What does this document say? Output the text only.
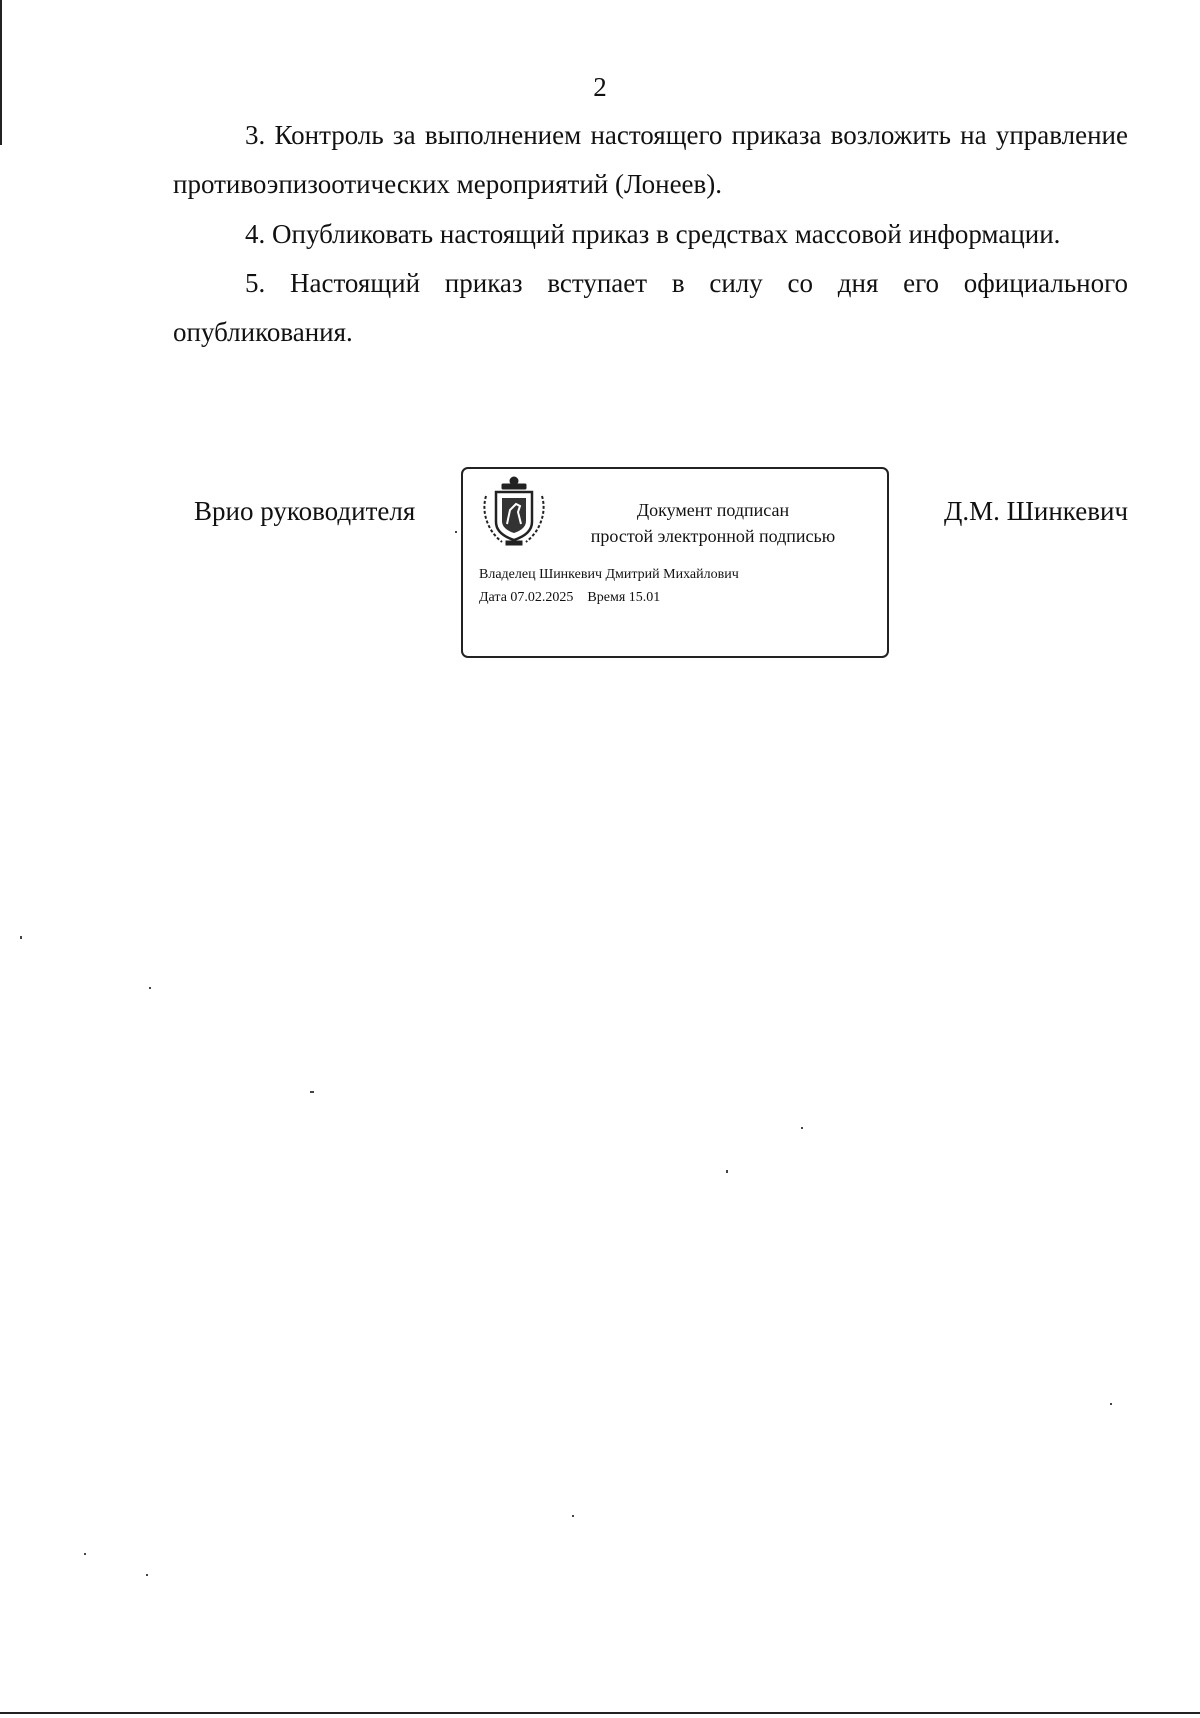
2

3. Контроль за выполнением настоящего приказа возложить на управление противоэпизоотических мероприятий (Лонеев).

4. Опубликовать настоящий приказ в средствах массовой информации.

5. Настоящий приказ вступает в силу со дня его официального опубликования.

Врио руководителя	Документ подписан
простой электронной подписью
Владелец Шинкевич Дмитрий Михайлович
Дата 07.02.2025 Время 15.01
Д.М. Шинкевич
